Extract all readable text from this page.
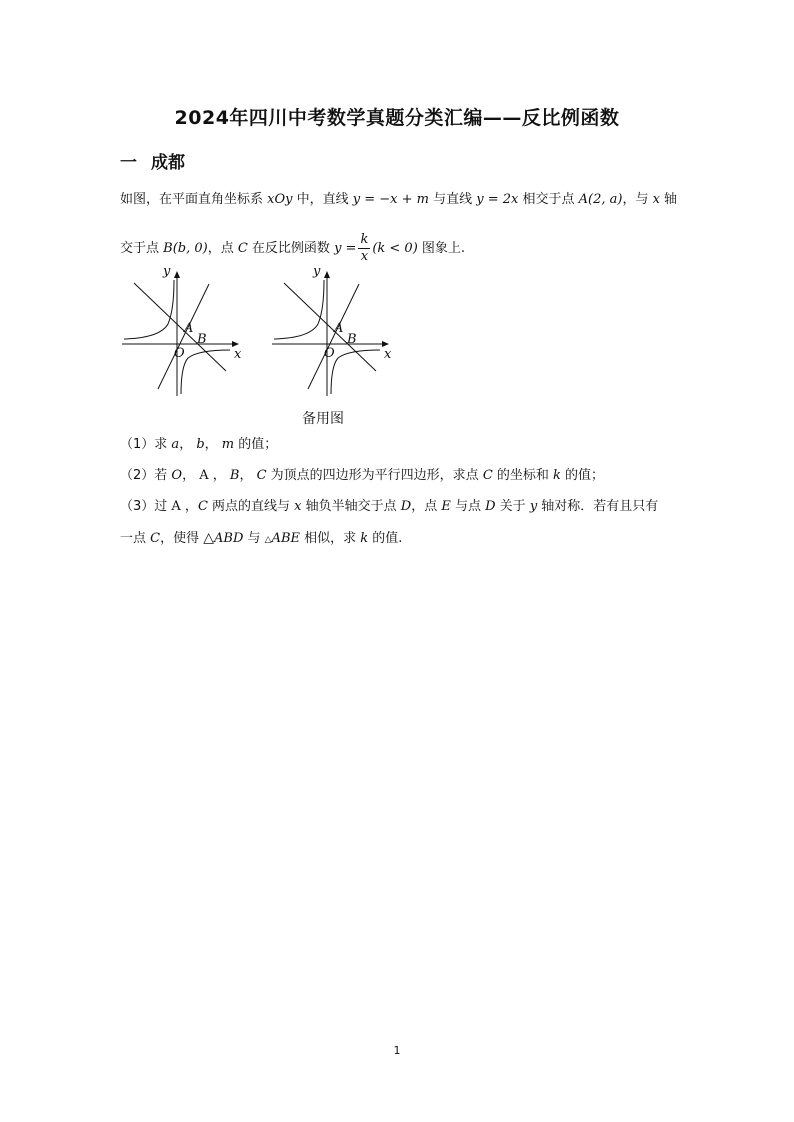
2024年四川中考数学真题分类汇编——反比例函数
一 成都
如图，在平面直角坐标系 xOy 中，直线 y = −x + m 与直线 y = 2x 相交于点 A(2, a)，与 x 轴
交于点 B(b, 0)，点 C 在反比例函数 $y = \frac{k}{x} (k < 0)$ 图象上.
y
x
A
B
O
y
x
A
B
O
备用图
（1）求 a， b， m 的值；
（2）若 O， A ， B， C 为顶点的四边形为平行四边形，求点 C 的坐标和 k 的值；
（3）过 A ，C 两点的直线与 x 轴负半轴交于点 D，点 E 与点 D 关于 y 轴对称．若有且只有
一点 C，使得 △ABD 与 △ABE 相似，求 k 的值.
1
